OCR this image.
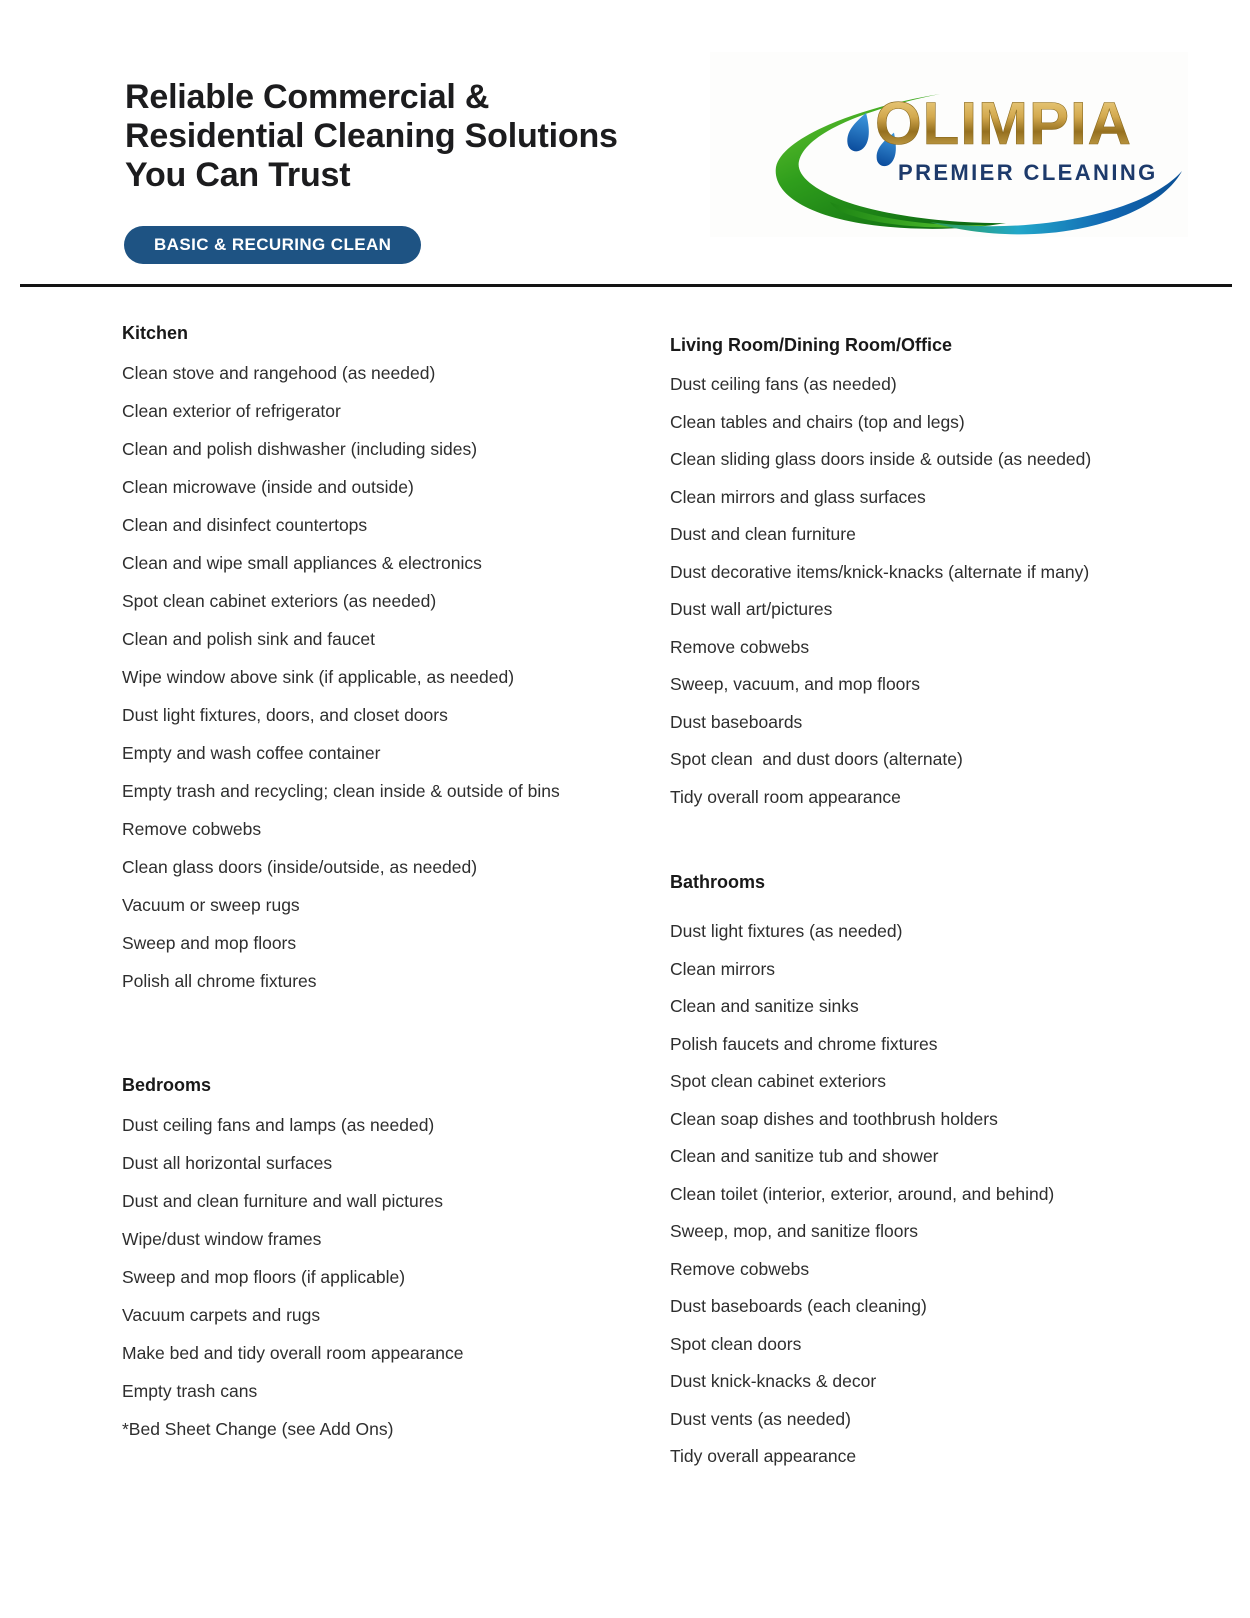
Reliable Commercial &
Residential Cleaning Solutions
You Can Trust
OLIMPIA
PREMIER CLEANING
BASIC & RECURING CLEAN
Kitchen
Clean stove and rangehood (as needed)
Clean exterior of refrigerator
Clean and polish dishwasher (including sides)
Clean microwave (inside and outside)
Clean and disinfect countertops
Clean and wipe small appliances & electronics
Spot clean cabinet exteriors (as needed)
Clean and polish sink and faucet
Wipe window above sink (if applicable, as needed)
Dust light fixtures, doors, and closet doors
Empty and wash coffee container
Empty trash and recycling; clean inside & outside of bins
Remove cobwebs
Clean glass doors (inside/outside, as needed)
Vacuum or sweep rugs
Sweep and mop floors
Polish all chrome fixtures
Bedrooms
Dust ceiling fans and lamps (as needed)
Dust all horizontal surfaces
Dust and clean furniture and wall pictures
Wipe/dust window frames
Sweep and mop floors (if applicable)
Vacuum carpets and rugs
Make bed and tidy overall room appearance
Empty trash cans
*Bed Sheet Change (see Add Ons)
Living Room/Dining Room/Office
Dust ceiling fans (as needed)
Clean tables and chairs (top and legs)
Clean sliding glass doors inside & outside (as needed)
Clean mirrors and glass surfaces
Dust and clean furniture
Dust decorative items/knick-knacks (alternate if many)
Dust wall art/pictures
Remove cobwebs
Sweep, vacuum, and mop floors
Dust baseboards
Spot clean  and dust doors (alternate)
Tidy overall room appearance
Bathrooms
Dust light fixtures (as needed)
Clean mirrors
Clean and sanitize sinks
Polish faucets and chrome fixtures
Spot clean cabinet exteriors
Clean soap dishes and toothbrush holders
Clean and sanitize tub and shower
Clean toilet (interior, exterior, around, and behind)
Sweep, mop, and sanitize floors
Remove cobwebs
Dust baseboards (each cleaning)
Spot clean doors
Dust knick-knacks & decor
Dust vents (as needed)
Tidy overall appearance
